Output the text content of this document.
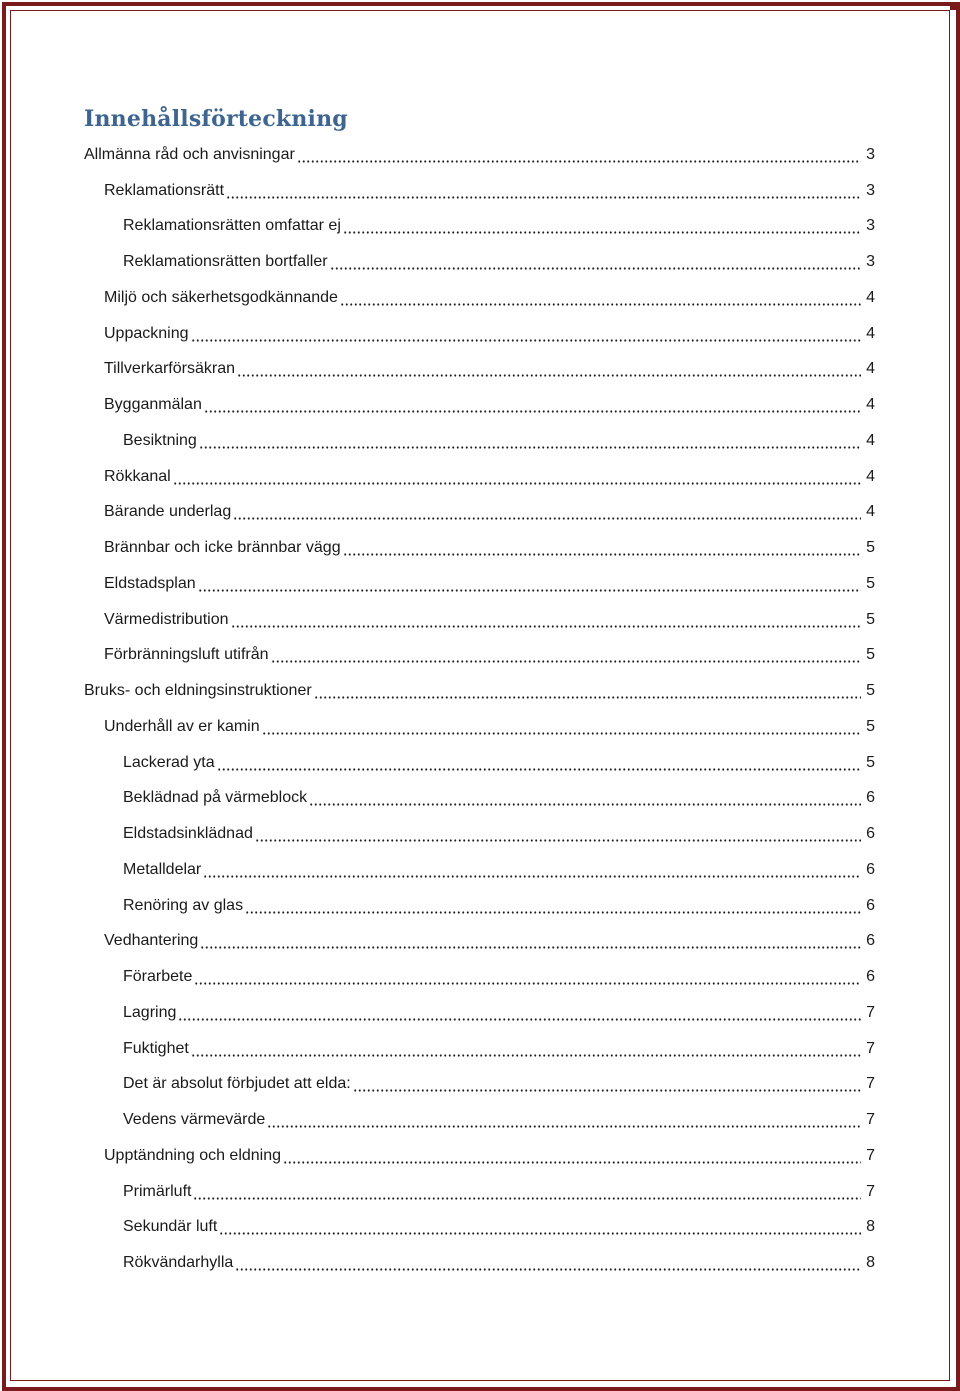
Innehållsförteckning
Allmänna råd och anvisningar	3
Reklamationsrätt	3
Reklamationsrätten omfattar ej	3
Reklamationsrätten bortfaller	3
Miljö och säkerhetsgodkännande	4
Uppackning	4
Tillverkarförsäkran	4
Bygganmälan	4
Besiktning	4
Rökkanal	4
Bärande underlag	4
Brännbar och icke brännbar vägg	5
Eldstadsplan	5
Värmedistribution	5
Förbränningsluft utifrån	5
Bruks- och eldningsinstruktioner	5
Underhåll av er kamin	5
Lackerad yta	5
Beklädnad på värmeblock	6
Eldstadsinklädnad	6
Metalldelar	6
Renöring av glas	6
Vedhantering	6
Förarbete	6
Lagring	7
Fuktighet	7
Det är absolut förbjudet att elda:	7
Vedens värmevärde	7
Upptändning och eldning	7
Primärluft	7
Sekundär luft	8
Rökvändarhylla	8
